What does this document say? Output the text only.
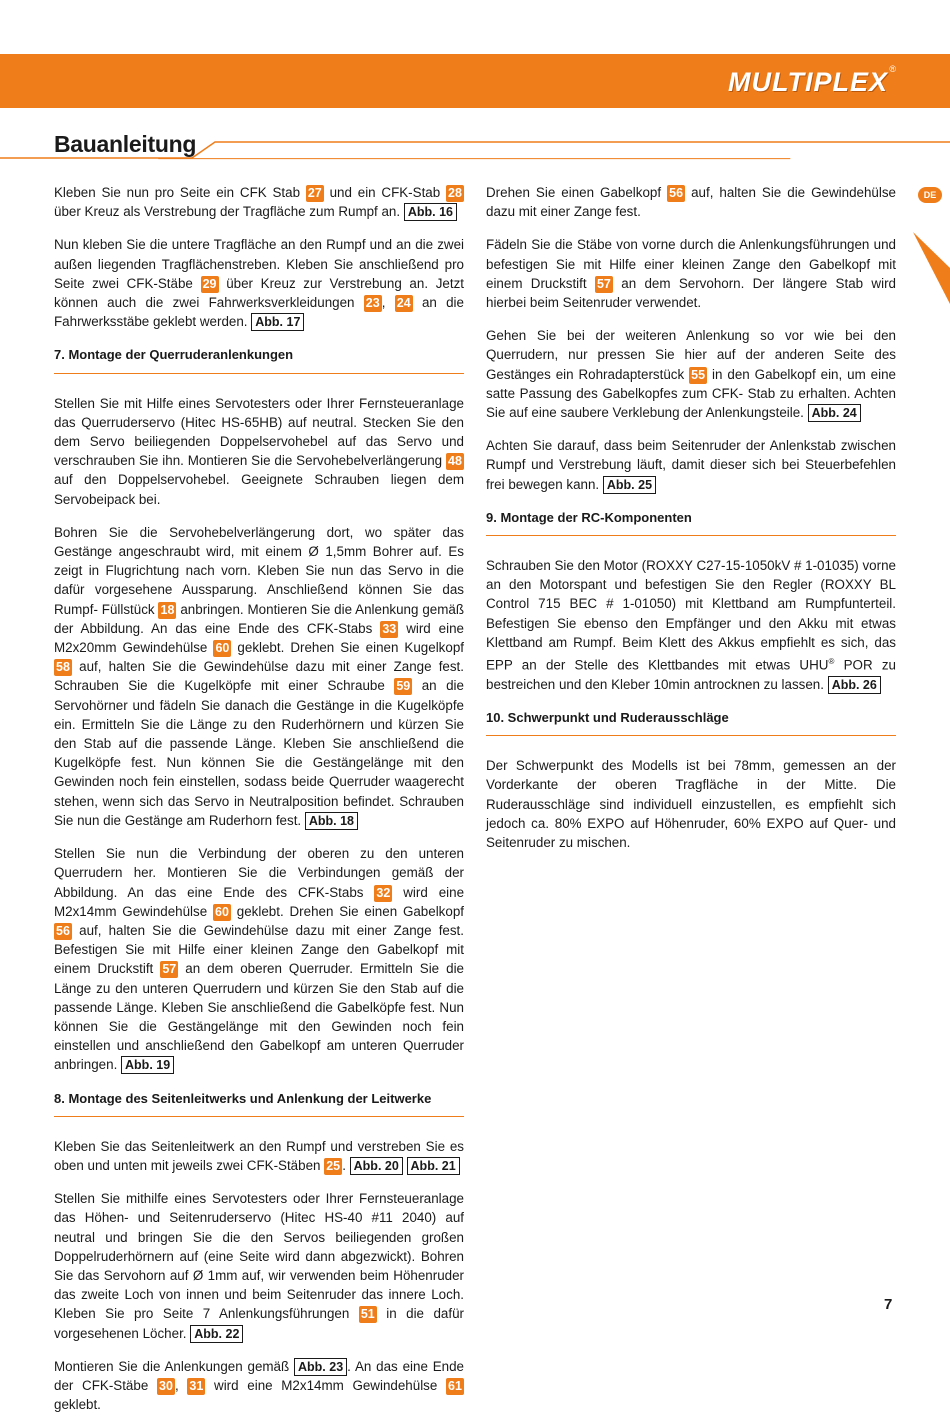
MULTIPLEX ®
Bauanleitung
DE

Kleben Sie nun pro Seite ein CFK Stab 27 und ein CFK-Stab 28 über Kreuz als Verstrebung der Tragfläche zum Rumpf an. Abb. 16

Nun kleben Sie die untere Tragfläche an den Rumpf und an die zwei außen liegenden Tragflächenstreben. Kleben Sie anschließend pro Seite zwei CFK-Stäbe 29 über Kreuz zur Verstrebung an. Jetzt können auch die zwei Fahrwerksverkleidungen 23 , 24 an die Fahrwerksstäbe geklebt werden. Abb. 17

7. Montage der Querruderanlenkungen

Stellen Sie mit Hilfe eines Servotesters oder Ihrer Fernsteueranlage das Querruderservo (Hitec HS-65HB) auf neutral. Stecken Sie den dem Servo beiliegenden Doppelservohebel auf das Servo und verschrauben Sie ihn. Montieren Sie die Servohebelverlängerung 48 auf den Doppelservohebel. Geeignete Schrauben liegen dem Servobeipack bei.

Bohren Sie die Servohebelverlängerung dort, wo später das Gestänge angeschraubt wird, mit einem Ø 1,5mm Bohrer auf. Es zeigt in Flugrichtung nach vorn. Kleben Sie nun das Servo in die dafür vorgesehene Aussparung. Anschließend können Sie das Rumpf- Füllstück 18 anbringen. Montieren Sie die Anlenkung gemäß der Abbildung. An das eine Ende des CFK-Stabs 33 wird eine M2x20mm Gewindehülse 60 geklebt. Drehen Sie einen Kugelkopf 58 auf, halten Sie die Gewindehülse dazu mit einer Zange fest. Schrauben Sie die Kugelköpfe mit einer Schraube 59 an die Servohörner und fädeln Sie danach die Gestänge in die Kugelköpfe ein. Ermitteln Sie die Länge zu den Ruderhörnern und kürzen Sie den Stab auf die passende Länge. Kleben Sie anschließend die Kugelköpfe fest. Nun können Sie die Gestängelänge mit den Gewinden noch fein einstellen, sodass beide Querruder waagerecht stehen, wenn sich das Servo in Neutralposition befindet. Schrauben Sie nun die Gestänge am Ruderhorn fest. Abb. 18

Stellen Sie nun die Verbindung der oberen zu den unteren Querrudern her. Montieren Sie die Verbindungen gemäß der Abbildung. An das eine Ende des CFK-Stabs 32 wird eine M2x14mm Gewindehülse 60 geklebt. Drehen Sie einen Gabelkopf 56 auf, halten Sie die Gewindehülse dazu mit einer Zange fest. Befestigen Sie mit Hilfe einer kleinen Zange den Gabelkopf mit einem Druckstift 57 an dem oberen Querruder. Ermitteln Sie die Länge zu den unteren Querrudern und kürzen Sie den Stab auf die passende Länge. Kleben Sie anschließend die Gabelköpfe fest. Nun können Sie die Gestängelänge mit den Gewinden noch fein einstellen und anschließend den Gabelkopf am unteren Querruder anbringen. Abb. 19

8. Montage des Seitenleitwerks und Anlenkung der Leitwerke

Kleben Sie das Seitenleitwerk an den Rumpf und verstreben Sie es oben und unten mit jeweils zwei CFK-Stäben 25 . Abb. 20 Abb. 21

Stellen Sie mithilfe eines Servotesters oder Ihrer Fernsteueranlage das Höhen- und Seitenruderservo (Hitec HS-40 #11 2040) auf neutral und bringen Sie die den Servos beiliegenden großen Doppelruderhörnern auf (eine Seite wird dann abgezwickt). Bohren Sie das Servohorn auf Ø 1mm auf, wir verwenden beim Höhenruder das zweite Loch von innen und beim Seitenruder das innere Loch. Kleben Sie pro Seite 7 Anlenkungsführungen 51 in die dafür vorgesehenen Löcher. Abb. 22

Montieren Sie die Anlenkungen gemäß Abb. 23 . An das eine Ende der CFK-Stäbe 30 , 31 wird eine M2x14mm Gewindehülse 61 geklebt.

Drehen Sie einen Gabelkopf 56 auf, halten Sie die Gewindehülse dazu mit einer Zange fest.

Fädeln Sie die Stäbe von vorne durch die Anlenkungsführungen und befestigen Sie mit Hilfe einer kleinen Zange den Gabelkopf mit einem Druckstift 57 an dem Servohorn. Der längere Stab wird hierbei beim Seitenruder verwendet.

Gehen Sie bei der weiteren Anlenkung so vor wie bei den Querrudern, nur pressen Sie hier auf der anderen Seite des Gestänges ein Rohradapterstück 55 in den Gabelkopf ein, um eine satte Passung des Gabelkopfes zum CFK- Stab zu erhalten. Achten Sie auf eine saubere Verklebung der Anlenkungsteile. Abb. 24

Achten Sie darauf, dass beim Seitenruder der Anlenkstab zwischen Rumpf und Verstrebung läuft, damit dieser sich bei Steuerbefehlen frei bewegen kann. Abb. 25

9. Montage der RC-Komponenten

Schrauben Sie den Motor (ROXXY C27-15-1050kV # 1-01035) vorne an den Motorspant und befestigen Sie den Regler (ROXXY BL Control 715 BEC # 1-01050) mit Klettband am Rumpfunterteil. Befestigen Sie ebenso den Empfänger und den Akku mit etwas Klettband am Rumpf. Beim Klett des Akkus empfiehlt es sich, das EPP an der Stelle des Klettbandes mit etwas UHU® POR zu bestreichen und den Kleber 10min antrocknen zu lassen. Abb. 26

10. Schwerpunkt und Ruderausschläge

Der Schwerpunkt des Modells ist bei 78mm, gemessen an der Vorderkante der oberen Tragfläche in der Mitte. Die Ruderausschläge sind individuell einzustellen, es empfiehlt sich jedoch ca. 80% EXPO auf Höhenruder, 60% EXPO auf Quer- und Seitenruder zu mischen.

7
